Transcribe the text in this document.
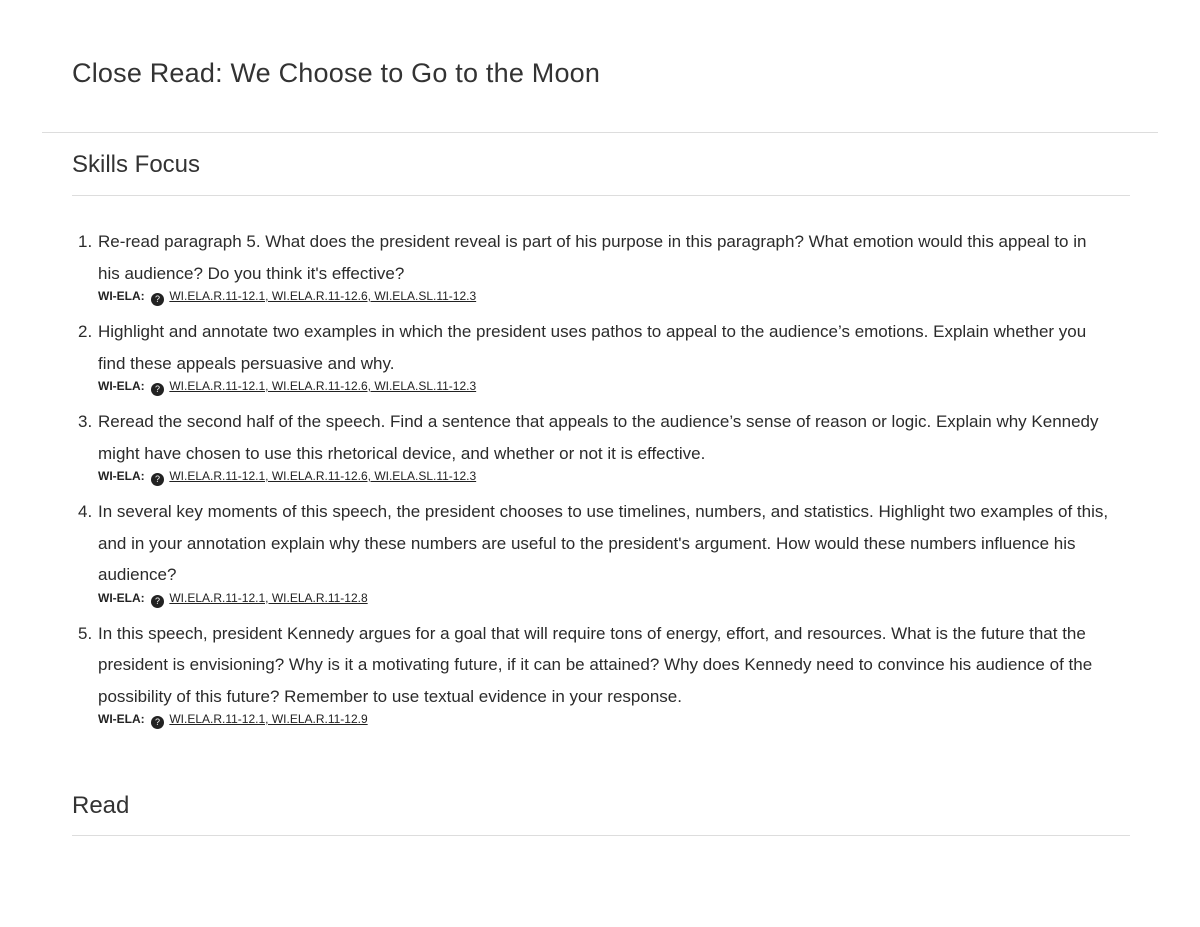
Close Read: We Choose to Go to the Moon
Skills Focus
1. Re-read paragraph 5. What does the president reveal is part of his purpose in this paragraph? What emotion would this appeal to in his audience? Do you think it's effective?

WI-ELA: ? WI.ELA.R.11-12.1, WI.ELA.R.11-12.6, WI.ELA.SL.11-12.3
2. Highlight and annotate two examples in which the president uses pathos to appeal to the audience’s emotions. Explain whether you find these appeals persuasive and why.

WI-ELA: ? WI.ELA.R.11-12.1, WI.ELA.R.11-12.6, WI.ELA.SL.11-12.3
3. Reread the second half of the speech. Find a sentence that appeals to the audience’s sense of reason or logic. Explain why Kennedy might have chosen to use this rhetorical device, and whether or not it is effective.

WI-ELA: ? WI.ELA.R.11-12.1, WI.ELA.R.11-12.6, WI.ELA.SL.11-12.3
4. In several key moments of this speech, the president chooses to use timelines, numbers, and statistics. Highlight two examples of this, and in your annotation explain why these numbers are useful to the president's argument. How would these numbers influence his audience?

WI-ELA: ? WI.ELA.R.11-12.1, WI.ELA.R.11-12.8
5. In this speech, president Kennedy argues for a goal that will require tons of energy, effort, and resources. What is the future that the president is envisioning? Why is it a motivating future, if it can be attained? Why does Kennedy need to convince his audience of the possibility of this future? Remember to use textual evidence in your response.

WI-ELA: ? WI.ELA.R.11-12.1, WI.ELA.R.11-12.9
Read
